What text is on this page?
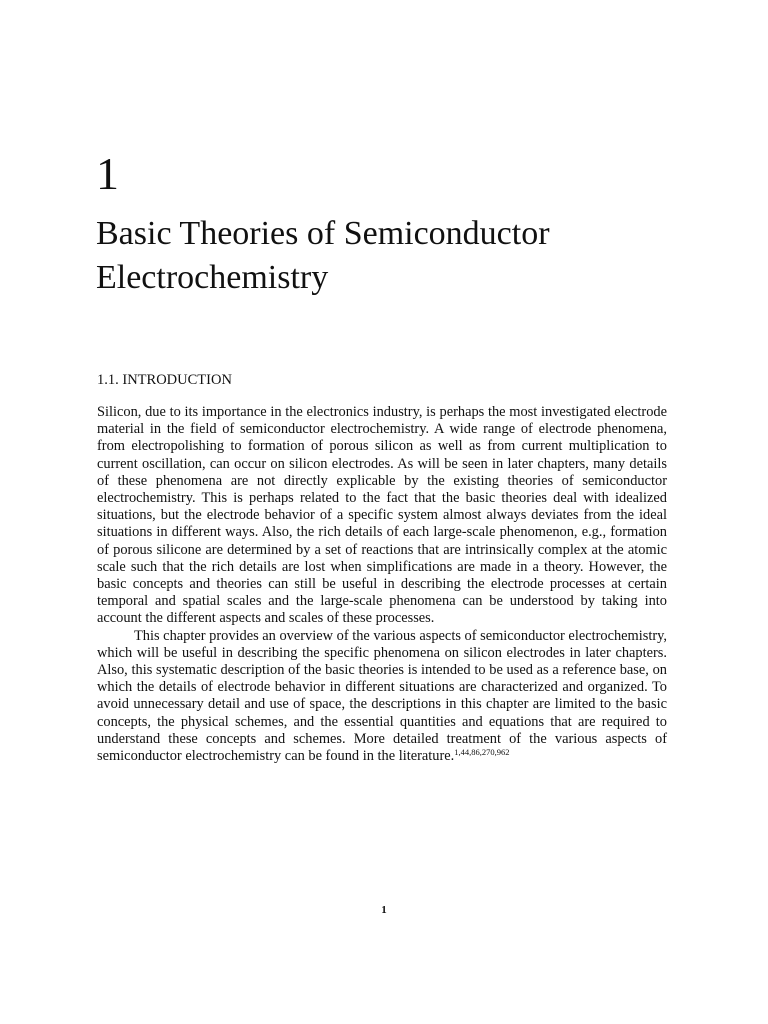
1
Basic Theories of Semiconductor
Electrochemistry
1.1. INTRODUCTION

Silicon, due to its importance in the electronics industry, is perhaps the most investigated electrode material in the field of semiconductor electrochemistry. A wide range of electrode phenomena, from electropolishing to formation of porous silicon as well as from current multiplication to current oscillation, can occur on silicon electrodes. As will be seen in later chapters, many details of these phenomena are not directly explicable by the existing theories of semiconductor electrochemistry. This is perhaps related to the fact that the basic theories deal with idealized situations, but the electrode behavior of a specific system almost always deviates from the ideal situations in different ways. Also, the rich details of each large-scale phenomenon, e.g., formation of porous silicone are determined by a set of reactions that are intrinsically complex at the atomic scale such that the rich details are lost when simplifications are made in a theory. However, the basic concepts and theories can still be useful in describing the electrode processes at certain temporal and spatial scales and the large-scale phenomena can be understood by taking into account the different aspects and scales of these processes.

This chapter provides an overview of the various aspects of semiconductor electrochemistry, which will be useful in describing the specific phenomena on silicon electrodes in later chapters. Also, this systematic description of the basic theories is intended to be used as a reference base, on which the details of electrode behavior in different situations are characterized and organized. To avoid unnecessary detail and use of space, the descriptions in this chapter are limited to the basic concepts, the physical schemes, and the essential quantities and equations that are required to understand these concepts and schemes. More detailed treatment of the various aspects of semiconductor electrochemistry can be found in the literature.$^{1,44,86,270,962}$

1
